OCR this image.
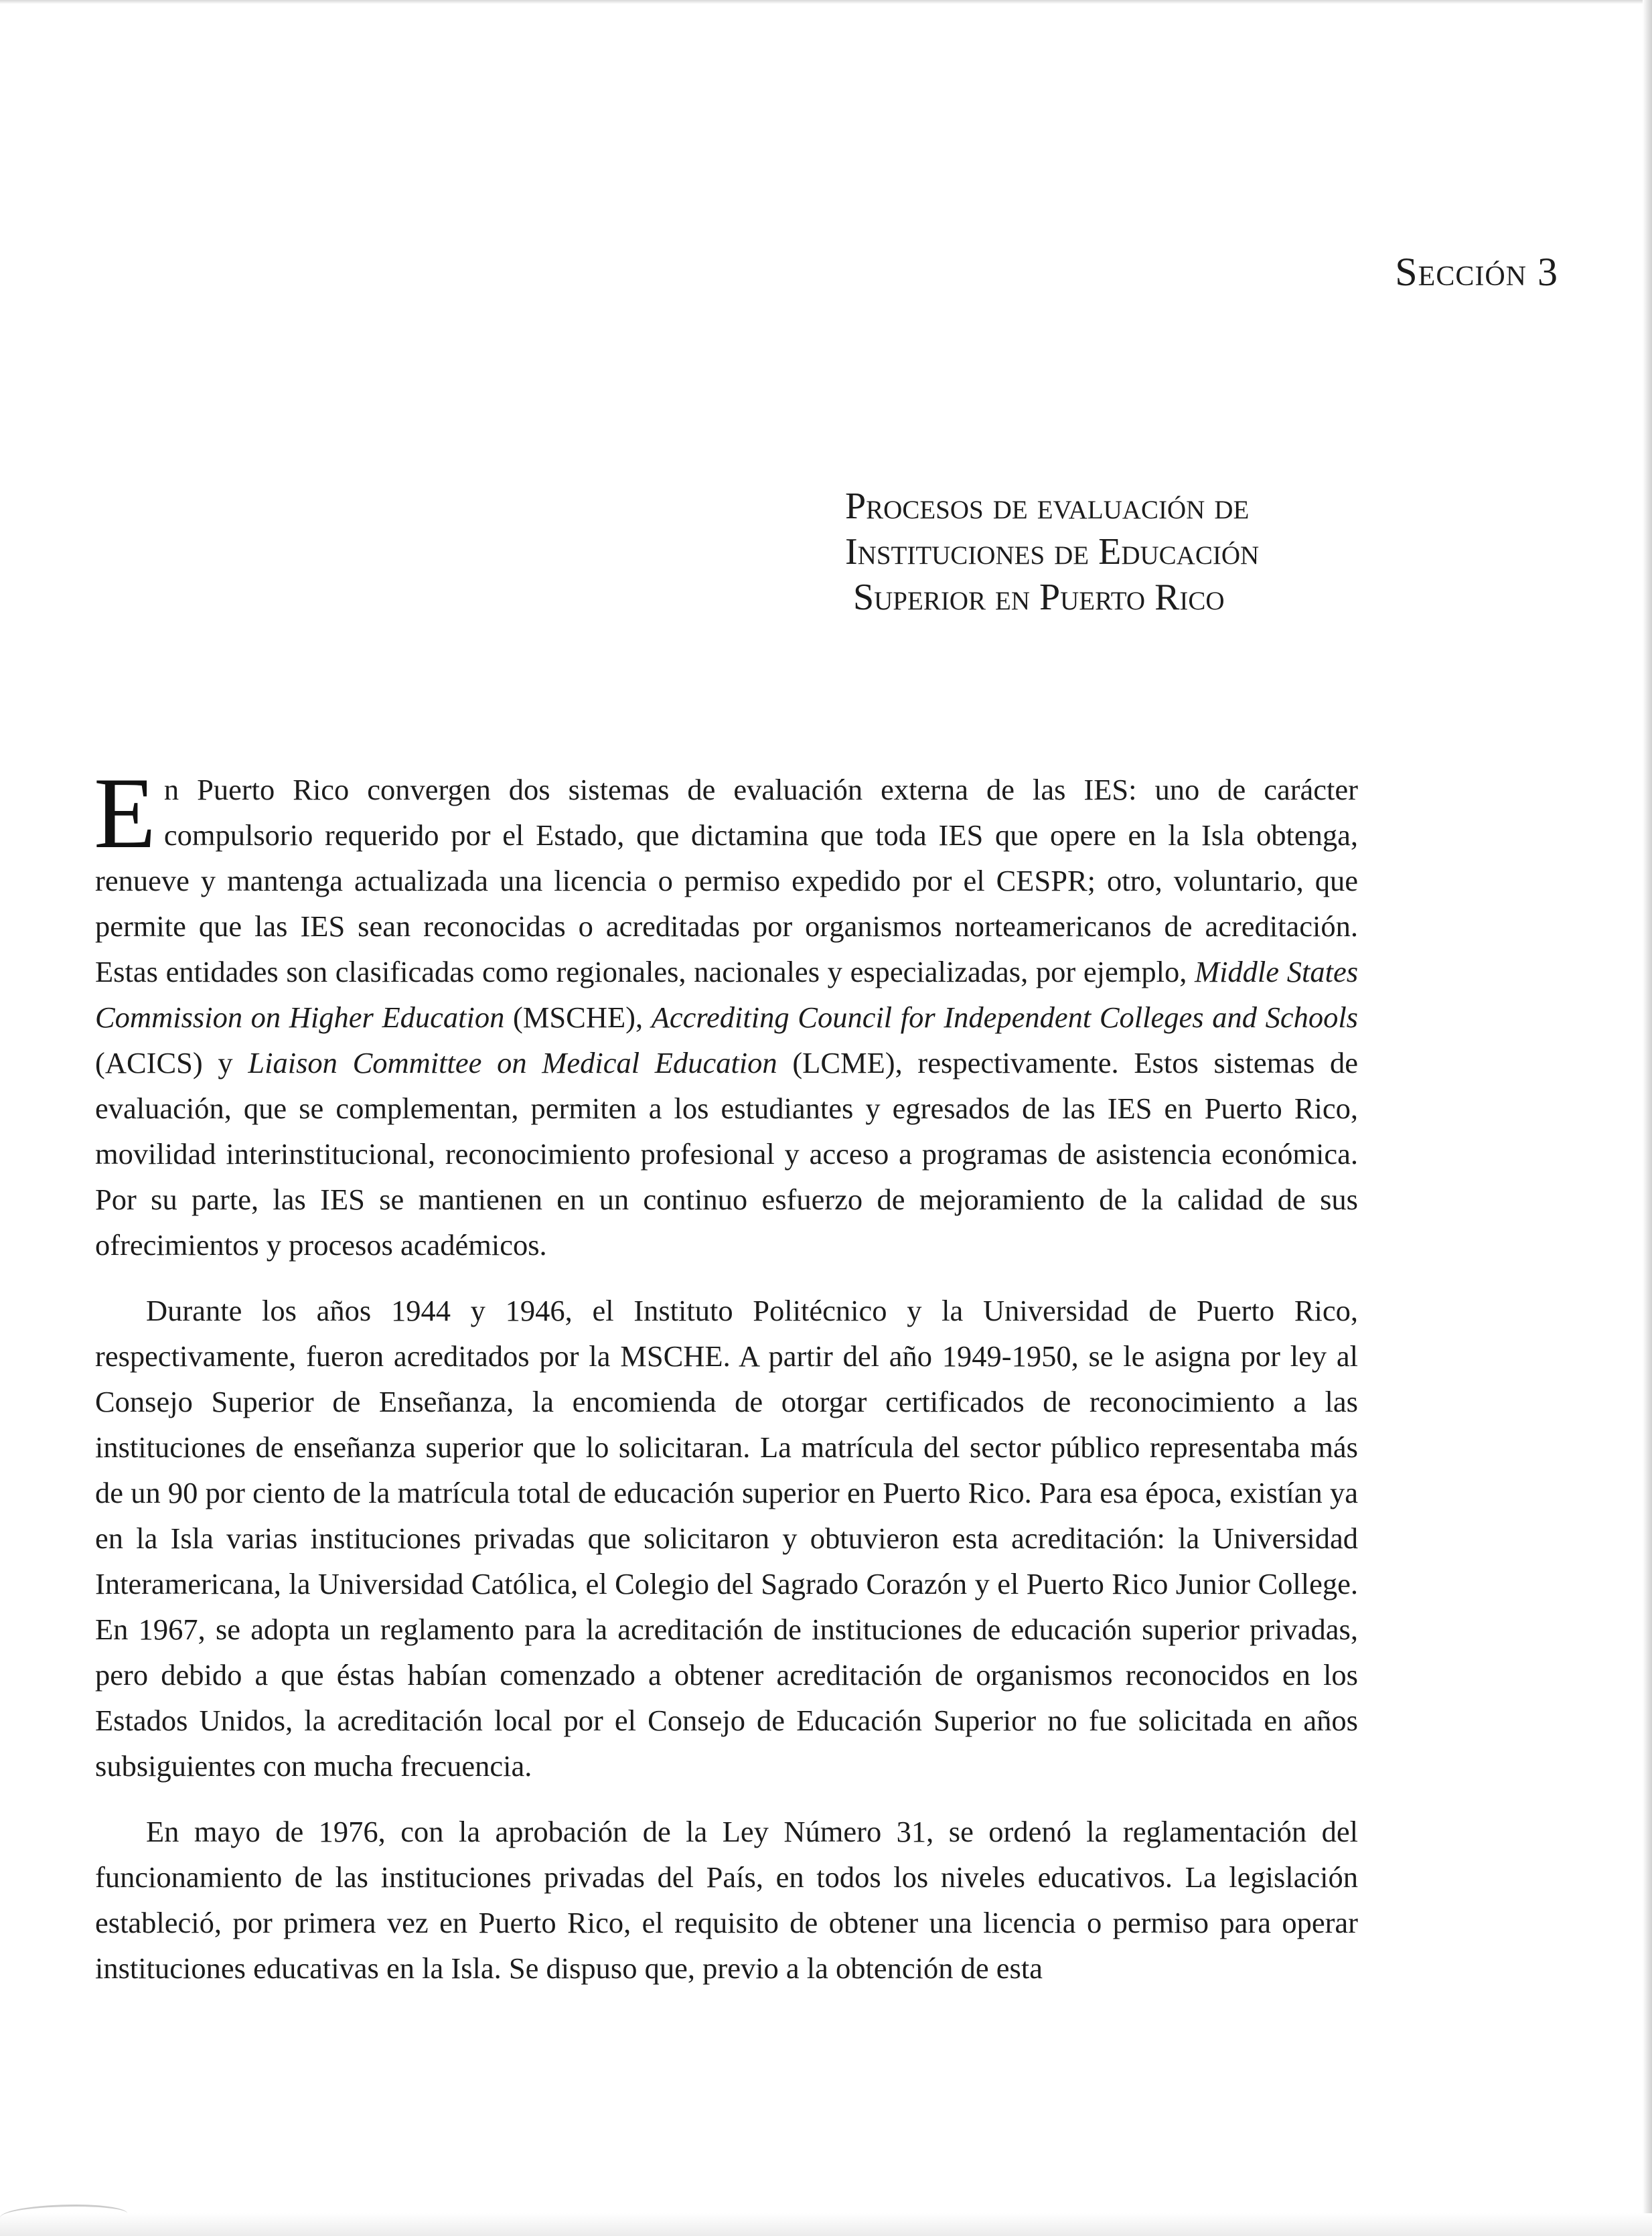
Sección 3
Procesos de evaluación de
Instituciones de Educación
Superior en Puerto Rico

En Puerto Rico convergen dos sistemas de evaluación externa de las IES: uno de carácter compulsorio requerido por el Estado, que dictamina que toda IES que opere en la Isla obtenga, renueve y mantenga actualizada una licencia o permiso expedido por el CESPR; otro, voluntario, que permite que las IES sean reconocidas o acreditadas por organismos norteamericanos de acreditación. Estas entidades son clasificadas como regionales, nacionales y especializadas, por ejemplo, Middle States Commission on Higher Education (MSCHE), Accrediting Council for Independent Colleges and Schools (ACICS) y Liaison Committee on Medical Education (LCME), respectivamente. Estos sistemas de evaluación, que se complementan, permiten a los estudiantes y egresados de las IES en Puerto Rico, movilidad interinstitucional, reconocimiento profesional y acceso a programas de asistencia económica. Por su parte, las IES se mantienen en un continuo esfuerzo de mejoramiento de la calidad de sus ofrecimientos y procesos académicos.

Durante los años 1944 y 1946, el Instituto Politécnico y la Universidad de Puerto Rico, respectivamente, fueron acreditados por la MSCHE. A partir del año 1949-1950, se le asigna por ley al Consejo Superior de Enseñanza, la encomienda de otorgar certificados de reconocimiento a las instituciones de enseñanza superior que lo solicitaran. La matrícula del sector público representaba más de un 90 por ciento de la matrícula total de educación superior en Puerto Rico. Para esa época, existían ya en la Isla varias instituciones privadas que solicitaron y obtuvieron esta acreditación: la Universidad Interamericana, la Universidad Católica, el Colegio del Sagrado Corazón y el Puerto Rico Junior College. En 1967, se adopta un reglamento para la acreditación de instituciones de educación superior privadas, pero debido a que éstas habían comenzado a obtener acreditación de organismos reconocidos en los Estados Unidos, la acreditación local por el Consejo de Educación Superior no fue solicitada en años subsiguientes con mucha frecuencia.

En mayo de 1976, con la aprobación de la Ley Número 31, se ordenó la reglamentación del funcionamiento de las instituciones privadas del País, en todos los niveles educativos. La legislación estableció, por primera vez en Puerto Rico, el requisito de obtener una licencia o permiso para operar instituciones educativas en la Isla. Se dispuso que, previo a la obtención de esta
